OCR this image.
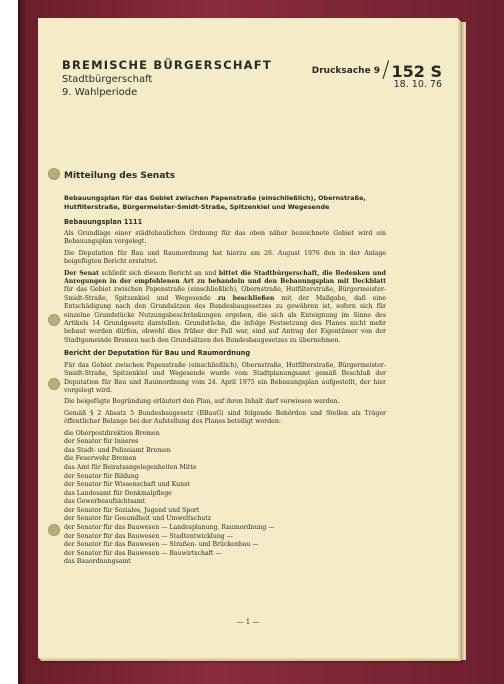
BREMISCHE BÜRGERSCHAFT
Stadtbürgerschaft
9. Wahlperiode
$^{Drucksache 9}$/ 152 S
18. 10. 76
Mitteilung des Senats
Bebauungsplan für das Gebiet zwischen Papenstraße (einschließlich), Obernstraße, Hutfilterstraße, Bürgermeister-Smidt-Straße, Spitzenkiel und Wegesende
Bebauungsplan 1111

Als Grundlage einer städtebaulichen Ordnung für das oben näher bezeichnete Gebiet wird ein Bebauungsplan vorgelegt.

Die Deputation für Bau und Raumordnung hat hierzu am 26. August 1976 den in der Anlage beigefügten Bericht erstattet.

Der Senat schließt sich diesem Bericht an und bittet die Stadtbürgerschaft, die Bedenken und Anregungen in der empfohlenen Art zu behandeln und den Bebauungsplan mit Deckblatt für das Gebiet zwischen Papenstraße (einschließlich), Obernstraße, Hutfilterstraße, Bürgermeister-Smidt-Straße, Spitzenkiel und Wegesende zu beschließen mit der Maßgabe, daß eine Entschädigung nach den Grundsätzen des Bundesbaugesetzes zu gewähren ist, sofern sich für einzelne Grundstücke Nutzungsbeschränkungen ergeben, die sich als Enteignung im Sinne des Artikels 14 Grundgesetz darstellen. Grundstücke, die infolge Festsetzung des Planes nicht mehr bebaut werden dürfen, obwohl dies früher der Fall war, sind auf Antrag der Eigentümer von der Stadtgemeinde Bremen nach den Grundsätzen des Bundesbaugesetzes zu übernehmen.

Bericht der Deputation für Bau und Raumordnung

Für das Gebiet zwischen Papenstraße (einschließlich), Obernstraße, Hutfilterstraße, Bürgermeister-Smidt-Straße, Spitzenkiel und Wegesende wurde vom Stadtplanungsamt gemäß Beschluß der Deputation für Bau und Raumordnung vom 24. April 1975 ein Bebauungsplan aufgestellt, der hier vorgelegt wird.

Die beigefügte Begründung erläutert den Plan, auf ihren Inhalt darf verwiesen werden.

Gemäß § 2 Absatz 5 Bundesbaugesetz (BBauG) sind folgende Behörden und Stellen als Träger öffentlicher Belange bei der Aufstellung des Planes beteiligt worden:

die Oberpostdirektion Bremen
der Senator für Inneres
das Stadt- und Polizeiamt Bremen
die Feuerwehr Bremen
das Amt für Beiratsangelegenheiten Mitte
der Senator für Bildung
der Senator für Wissenschaft und Kunst
das Landesamt für Denkmalpflege
das Gewerbeaufsichtsamt
der Senator für Soziales, Jugend und Sport
der Senator für Gesundheit und Umweltschutz
der Senator für das Bauwesen — Landesplanung, Raumordnung —
der Senator für das Bauwesen — Stadtentwicklung —
der Senator für das Bauwesen — Straßen- und Brückenbau —
der Senator für das Bauwesen — Bauwirtschaft —
das Bauordnungsamt
— 1 —
